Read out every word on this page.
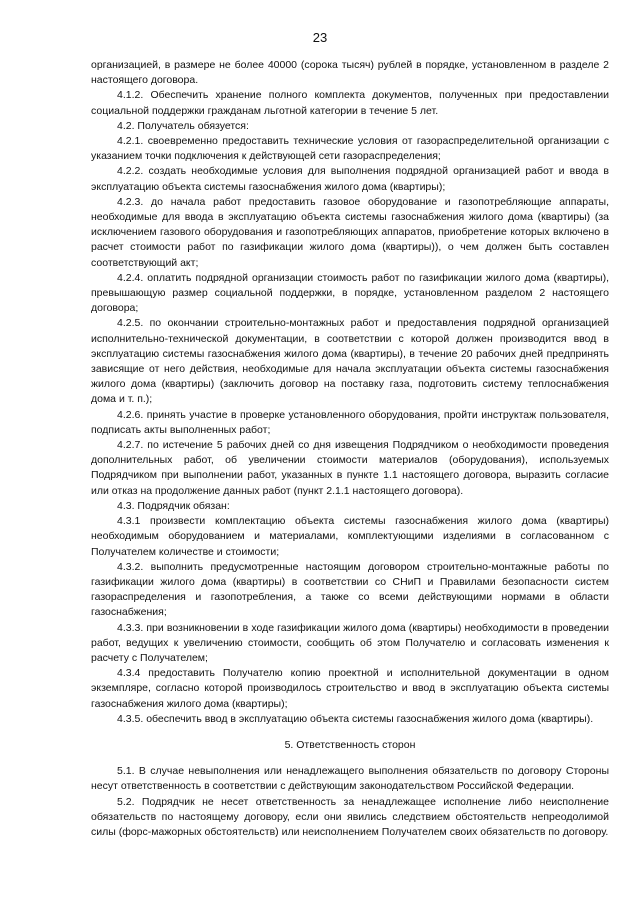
23

организацией, в размере не более 40000 (сорока тысяч) рублей в порядке, установленном в разделе 2 настоящего договора.

4.1.2. Обеспечить хранение полного комплекта документов, полученных при предоставлении социальной поддержки гражданам льготной категории в течение 5 лет.

4.2. Получатель обязуется:

4.2.1. своевременно предоставить технические условия от газораспределительной организации с указанием точки подключения к действующей сети газораспределения;

4.2.2. создать необходимые условия для выполнения подрядной организацией работ и ввода в эксплуатацию объекта системы газоснабжения жилого дома (квартиры);

4.2.3. до начала работ предоставить газовое оборудование и газопотребляющие аппараты, необходимые для ввода в эксплуатацию объекта системы газоснабжения жилого дома (квартиры) (за исключением газового оборудования и газопотребляющих аппаратов, приобретение которых включено в расчет стоимости работ по газификации жилого дома (квартиры)), о чем должен быть составлен соответствующий акт;

4.2.4. оплатить подрядной организации стоимость работ по газификации жилого дома (квартиры), превышающую размер социальной поддержки, в порядке, установленном разделом 2 настоящего договора;

4.2.5. по окончании строительно-монтажных работ и предоставления подрядной организацией исполнительно-технической документации, в соответствии с которой должен производится ввод в эксплуатацию системы газоснабжения жилого дома (квартиры), в течение 20 рабочих дней предпринять зависящие от него действия, необходимые для начала эксплуатации объекта системы газоснабжения жилого дома (квартиры) (заключить договор на поставку газа, подготовить систему теплоснабжения дома и т. п.);

4.2.6. принять участие в проверке установленного оборудования, пройти инструктаж пользователя, подписать акты выполненных работ;

4.2.7. по истечение 5 рабочих дней со дня извещения Подрядчиком о необходимости проведения дополнительных работ, об увеличении стоимости материалов (оборудования), используемых Подрядчиком при выполнении работ, указанных в пункте 1.1 настоящего договора, выразить согласие или отказ на продолжение данных работ (пункт 2.1.1 настоящего договора).

4.3. Подрядчик обязан:

4.3.1 произвести комплектацию объекта системы газоснабжения жилого дома (квартиры) необходимым оборудованием и материалами, комплектующими изделиями в согласованном с Получателем количестве и стоимости;

4.3.2. выполнить предусмотренные настоящим договором строительно-монтажные работы по газификации жилого дома (квартиры) в соответствии со СНиП и Правилами безопасности систем газораспределения и газопотребления, а также со всеми действующими нормами в области газоснабжения;

4.3.3. при возникновении в ходе газификации жилого дома (квартиры) необходимости в проведении работ, ведущих к увеличению стоимости, сообщить об этом Получателю и согласовать изменения к расчету с Получателем;

4.3.4 предоставить Получателю копию проектной и исполнительной документации в одном экземпляре, согласно которой производилось строительство и ввод в эксплуатацию объекта системы газоснабжения жилого дома (квартиры);

4.3.5. обеспечить ввод в эксплуатацию объекта системы газоснабжения жилого дома (квартиры).

5. Ответственность сторон

5.1. В случае невыполнения или ненадлежащего выполнения обязательств по договору Стороны несут ответственность в соответствии с действующим законодательством Российской Федерации.

5.2. Подрядчик не несет ответственность за ненадлежащее исполнение либо неисполнение обязательств по настоящему договору, если они явились следствием обстоятельств непреодолимой силы (форс-мажорных обстоятельств) или неисполнением Получателем своих обязательств по договору.
